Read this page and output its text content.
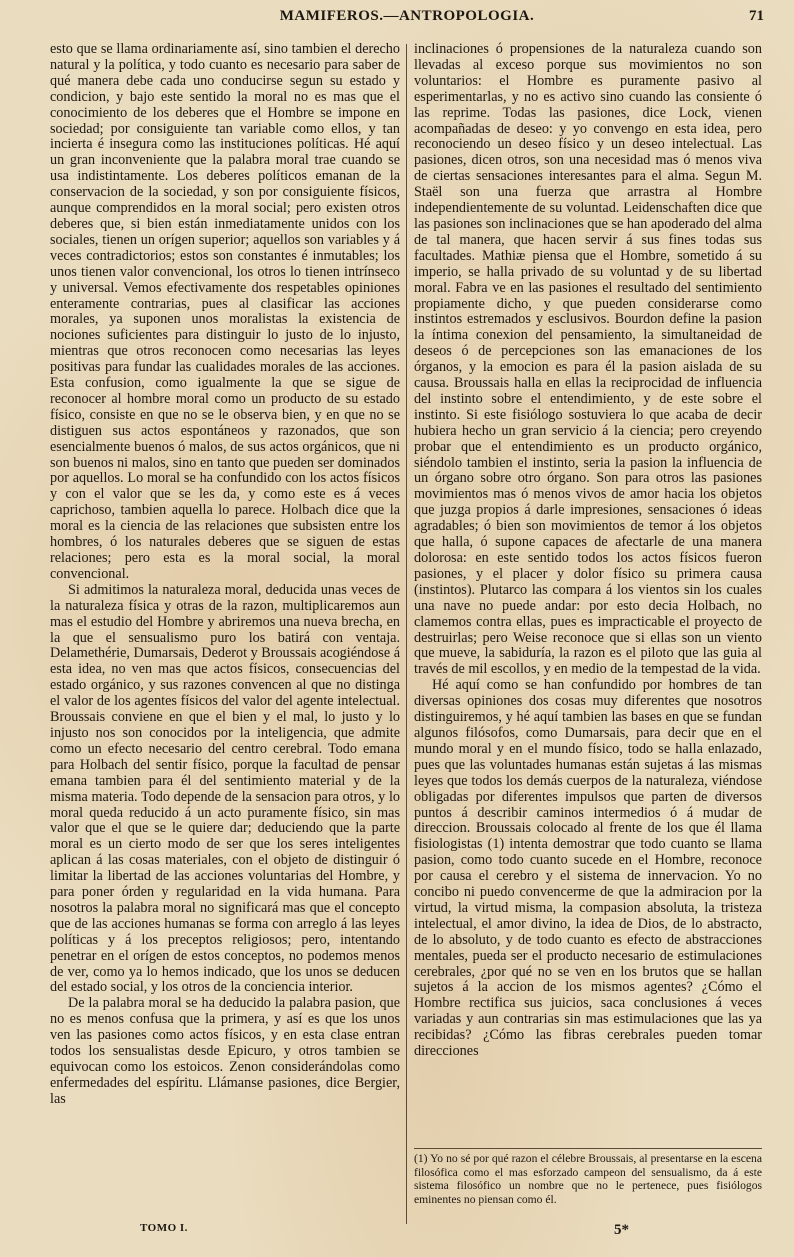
MAMIFEROS.—ANTROPOLOGIA.	71

esto que se llama ordinariamente así, sino tambien el derecho natural y la política, y todo cuanto es necesario para saber de qué manera debe cada uno conducirse segun su estado y condicion, y bajo este sentido la moral no es mas que el conocimiento de los deberes que el Hombre se impone en sociedad; por consiguiente tan variable como ellos, y tan incierta é insegura como las instituciones políticas. Hé aquí un gran inconveniente que la palabra moral trae cuando se usa indistintamente. Los deberes políticos emanan de la conservacion de la sociedad, y son por consiguiente físicos, aunque comprendidos en la moral social; pero existen otros deberes que, si bien están inmediatamente unidos con los sociales, tienen un orígen superior; aquellos son variables y á veces contradictorios; estos son constantes é inmutables; los unos tienen valor convencional, los otros lo tienen intrínseco y universal. Vemos efectivamente dos respetables opiniones enteramente contrarias, pues al clasificar las acciones morales, ya suponen unos moralistas la existencia de nociones suficientes para distinguir lo justo de lo injusto, mientras que otros reconocen como necesarias las leyes positivas para fundar las cualidades morales de las acciones. Esta confusion, como igualmente la que se sigue de reconocer al hombre moral como un producto de su estado físico, consiste en que no se le observa bien, y en que no se distiguen sus actos espontáneos y razonados, que son esencialmente buenos ó malos, de sus actos orgánicos, que ni son buenos ni malos, sino en tanto que pueden ser dominados por aquellos. Lo moral se ha confundido con los actos físicos y con el valor que se les da, y como este es á veces caprichoso, tambien aquella lo parece. Holbach dice que la moral es la ciencia de las relaciones que subsisten entre los hombres, ó los naturales deberes que se siguen de estas relaciones; pero esta es la moral social, la moral convencional.

Si admitimos la naturaleza moral, deducida unas veces de la naturaleza física y otras de la razon, multiplicaremos aun mas el estudio del Hombre y abriremos una nueva brecha, en la que el sensualismo puro los batirá con ventaja. Delamethérie, Dumarsais, Dederot y Broussais acogiéndose á esta idea, no ven mas que actos físicos, consecuencias del estado orgánico, y sus razones convencen al que no distinga el valor de los agentes físicos del valor del agente intelectual. Broussais conviene en que el bien y el mal, lo justo y lo injusto nos son conocidos por la inteligencia, que admite como un efecto necesario del centro cerebral. Todo emana para Holbach del sentir físico, porque la facultad de pensar emana tambien para él del sentimiento material y de la misma materia. Todo depende de la sensacion para otros, y lo moral queda reducido á un acto puramente físico, sin mas valor que el que se le quiere dar; deduciendo que la parte moral es un cierto modo de ser que los seres inteligentes aplican á las cosas materiales, con el objeto de distinguir ó limitar la libertad de las acciones voluntarias del Hombre, y para poner órden y regularidad en la vida humana. Para nosotros la palabra moral no significará mas que el concepto que de las acciones humanas se forma con arreglo á las leyes políticas y á los preceptos religiosos; pero, intentando penetrar en el orígen de estos conceptos, no podemos menos de ver, como ya lo hemos indicado, que los unos se deducen del estado social, y los otros de la conciencia interior.

De la palabra moral se ha deducido la palabra pasion, que no es menos confusa que la primera, y así es que los unos ven las pasiones como actos físicos, y en esta clase entran todos los sensualistas desde Epicuro, y otros tambien se equivocan como los estoicos. Zenon considerándolas como enfermedades del espíritu. Llámanse pasiones, dice Bergier, las

inclinaciones ó propensiones de la naturaleza cuando son llevadas al exceso porque sus movimientos no son voluntarios: el Hombre es puramente pasivo al esperimentarlas, y no es activo sino cuando las consiente ó las reprime. Todas las pasiones, dice Lock, vienen acompañadas de deseo: y yo convengo en esta idea, pero reconociendo un deseo físico y un deseo intelectual. Las pasiones, dicen otros, son una necesidad mas ó menos viva de ciertas sensaciones interesantes para el alma. Segun M. Staël son una fuerza que arrastra al Hombre independientemente de su voluntad. Leidenschaften dice que las pasiones son inclinaciones que se han apoderado del alma de tal manera, que hacen servir á sus fines todas sus facultades. Mathiæ piensa que el Hombre, sometido á su imperio, se halla privado de su voluntad y de su libertad moral. Fabra ve en las pasiones el resultado del sentimiento propiamente dicho, y que pueden considerarse como instintos estremados y esclusivos. Bourdon define la pasion la íntima conexion del pensamiento, la simultaneidad de deseos ó de percepciones son las emanaciones de los órganos, y la emocion es para él la pasion aislada de su causa. Broussais halla en ellas la reciprocidad de influencia del instinto sobre el entendimiento, y de este sobre el instinto. Si este fisiólogo sostuviera lo que acaba de decir hubiera hecho un gran servicio á la ciencia; pero creyendo probar que el entendimiento es un producto orgánico, siéndolo tambien el instinto, seria la pasion la influencia de un órgano sobre otro órgano. Son para otros las pasiones movimientos mas ó menos vivos de amor hacia los objetos que juzga propios á darle impresiones, sensaciones ó ideas agradables; ó bien son movimientos de temor á los objetos que halla, ó supone capaces de afectarle de una manera dolorosa: en este sentido todos los actos físicos fueron pasiones, y el placer y dolor físico su primera causa (instintos). Plutarco las compara á los vientos sin los cuales una nave no puede andar: por esto decia Holbach, no clamemos contra ellas, pues es impracticable el proyecto de destruirlas; pero Weise reconoce que si ellas son un viento que mueve, la sabiduría, la razon es el piloto que las guia al través de mil escollos, y en medio de la tempestad de la vida.

Hé aquí como se han confundido por hombres de tan diversas opiniones dos cosas muy diferentes que nosotros distinguiremos, y hé aquí tambien las bases en que se fundan algunos filósofos, como Dumarsais, para decir que en el mundo moral y en el mundo físico, todo se halla enlazado, pues que las voluntades humanas están sujetas á las mismas leyes que todos los demás cuerpos de la naturaleza, viéndose obligadas por diferentes impulsos que parten de diversos puntos á describir caminos intermedios ó á mudar de direccion. Broussais colocado al frente de los que él llama fisiologistas (1) intenta demostrar que todo cuanto se llama pasion, como todo cuanto sucede en el Hombre, reconoce por causa el cerebro y el sistema de innervacion. Yo no concibo ni puedo convencerme de que la admiracion por la virtud, la virtud misma, la compasion absoluta, la tristeza intelectual, el amor divino, la idea de Dios, de lo abstracto, de lo absoluto, y de todo cuanto es efecto de abstracciones mentales, pueda ser el producto necesario de estimulaciones cerebrales, ¿por qué no se ven en los brutos que se hallan sujetos á la accion de los mismos agentes? ¿Cómo el Hombre rectifica sus juicios, saca conclusiones á veces variadas y aun contrarias sin mas estimulaciones que las ya recibidas? ¿Cómo las fibras cerebrales pueden tomar direcciones

(1) Yo no sé por qué razon el célebre Broussais, al presentarse en la escena filosófica como el mas esforzado campeon del sensualismo, da á este sistema filosófico un nombre que no le pertenece, pues fisiólogos eminentes no piensan como él.
TOMO I.	5*
